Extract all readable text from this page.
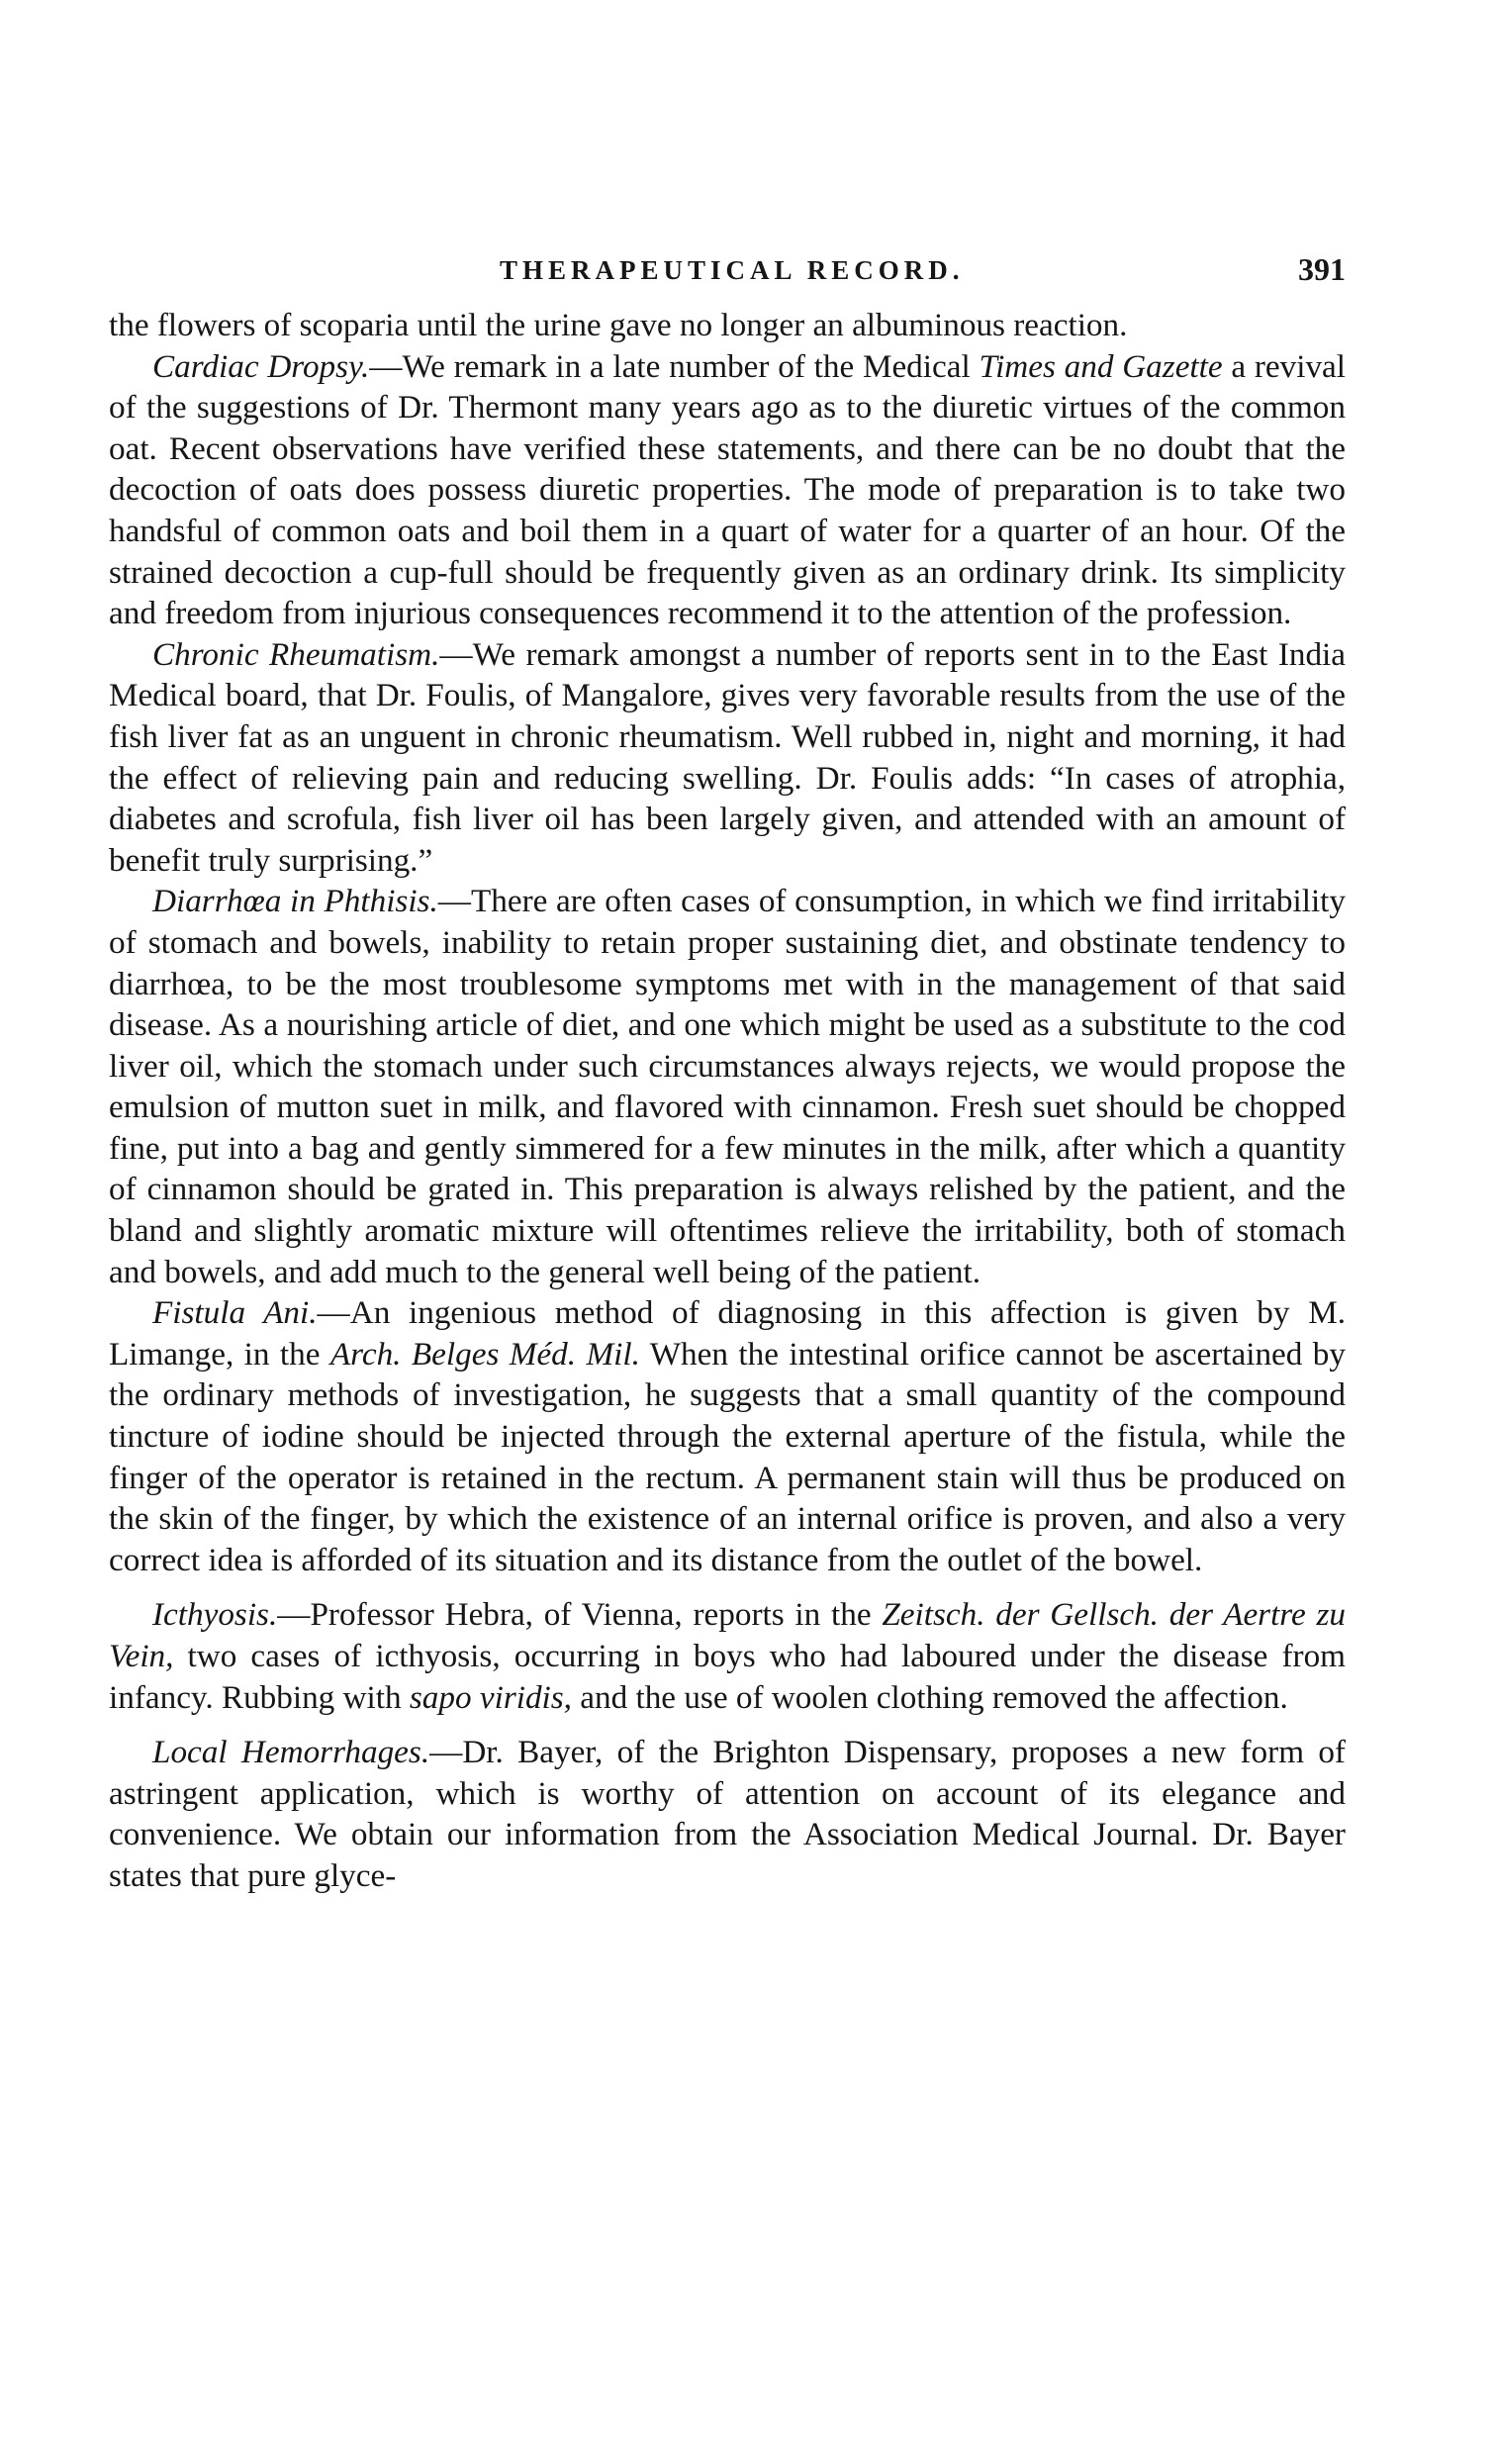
THERAPEUTICAL RECORD.	391

the flowers of scoparia until the urine gave no longer an albuminous reaction.

Cardiac Dropsy.—We remark in a late number of the Medical Times and Gazette a revival of the suggestions of Dr. Thermont many years ago as to the diuretic virtues of the common oat. Recent observations have verified these statements, and there can be no doubt that the decoction of oats does possess diuretic properties. The mode of preparation is to take two handsful of common oats and boil them in a quart of water for a quarter of an hour. Of the strained decoction a cup-full should be frequently given as an ordinary drink. Its simplicity and freedom from injurious consequences recommend it to the attention of the profession.

Chronic Rheumatism.—We remark amongst a number of reports sent in to the East India Medical board, that Dr. Foulis, of Mangalore, gives very favorable results from the use of the fish liver fat as an unguent in chronic rheumatism. Well rubbed in, night and morning, it had the effect of relieving pain and reducing swelling. Dr. Foulis adds: “In cases of atrophia, diabetes and scrofula, fish liver oil has been largely given, and attended with an amount of benefit truly surprising.”

Diarrhœa in Phthisis.—There are often cases of consumption, in which we find irritability of stomach and bowels, inability to retain proper sustaining diet, and obstinate tendency to diarrhœa, to be the most troublesome symptoms met with in the management of that said disease. As a nourishing article of diet, and one which might be used as a substitute to the cod liver oil, which the stomach under such circumstances always rejects, we would propose the emulsion of mutton suet in milk, and flavored with cinnamon. Fresh suet should be chopped fine, put into a bag and gently simmered for a few minutes in the milk, after which a quantity of cinnamon should be grated in. This preparation is always relished by the patient, and the bland and slightly aromatic mixture will oftentimes relieve the irritability, both of stomach and bowels, and add much to the general well being of the patient.

Fistula Ani.—An ingenious method of diagnosing in this affection is given by M. Limange, in the Arch. Belges Méd. Mil. When the intestinal orifice cannot be ascertained by the ordinary methods of investigation, he suggests that a small quantity of the compound tincture of iodine should be injected through the external aperture of the fistula, while the finger of the operator is retained in the rectum. A permanent stain will thus be produced on the skin of the finger, by which the existence of an internal orifice is proven, and also a very correct idea is afforded of its situation and its distance from the outlet of the bowel.

Icthyosis.—Professor Hebra, of Vienna, reports in the Zeitsch. der Gellsch. der Aertre zu Vein, two cases of icthyosis, occurring in boys who had laboured under the disease from infancy. Rubbing with sapo viridis, and the use of woolen clothing removed the affection.

Local Hemorrhages.—Dr. Bayer, of the Brighton Dispensary, proposes a new form of astringent application, which is worthy of attention on account of its elegance and convenience. We obtain our information from the Association Medical Journal. Dr. Bayer states that pure glyce-
